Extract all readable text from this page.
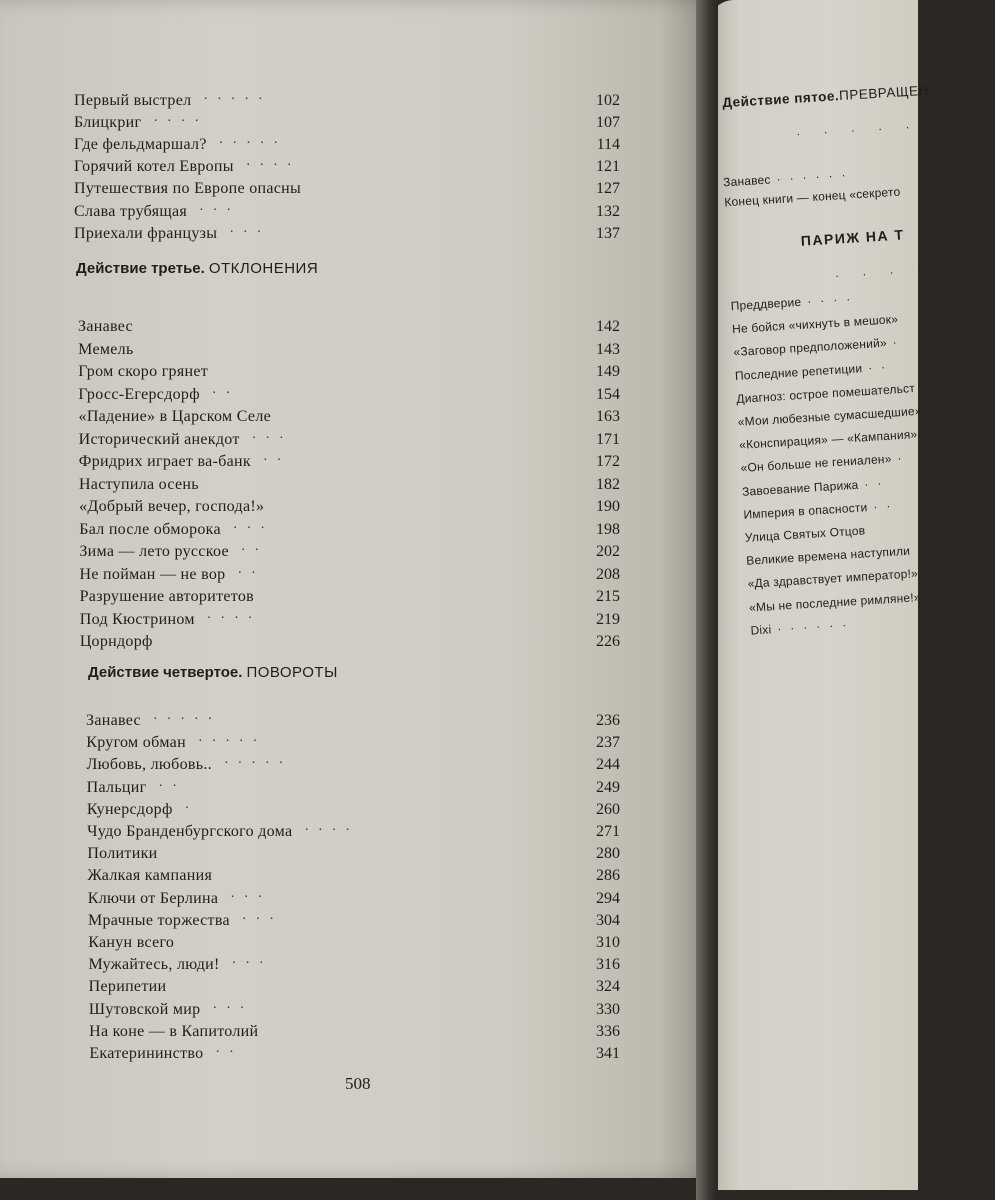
Действие пятое.ПРЕВРАЩЕН
· · · · ·
Занавес ······
Конец книги — конец «секрето
ПАРИЖ НА Т
· · · ·
Преддверие ····
Не бойся «чихнуть в мешок»
«Заговор предположений» ·
Последние репетиции ··
Диагноз: острое помешательст
«Мои любезные сумасшедшие»
«Конспирация» — «Кампания»
«Он больше не гениален» ·
Завоевание Парижа ··
Империя в опасности ··
Улица Святых Отцов
Великие времена наступили
«Да здравствует император!»
«Мы не последние римляне!»
Dixi ······
Действие третье. ОТКЛОНЕНИЯ
Действие четвертое. ПОВОРОТЫ
508
Первый выстрел ·····	102
Блицкриг ····	107
Где фельдмаршал? ·····	114
Горячий котел Европы ····	121
Путешествия по Европе опасны	127
Слава трубящая ···	132
Приехали французы ···	137
Занавес	142
Мемель	143
Гром скоро грянет	149
Гросс-Егерсдорф ··	154
«Падение» в Царском Селе	163
Исторический анекдот ···	171
Фридрих играет ва-банк ··	172
Наступила осень	182
«Добрый вечер, господа!»	190
Бал после обморока ···	198
Зима — лето русское ··	202
Не пойман — не вор ··	208
Разрушение авторитетов	215
Под Кюстрином ····	219
Цорндорф	226
Занавес ·····	236
Кругом обман ·····	237
Любовь, любовь.. ·····	244
Пальциг ··	249
Кунерсдорф ·	260
Чудо Бранденбургского дома ····	271
Политики	280
Жалкая кампания	286
Ключи от Берлина ···	294
Мрачные торжества ···	304
Канун всего	310
Мужайтесь, люди! ···	316
Перипетии	324
Шутовской мир ···	330
На коне — в Капитолий	336
Екатерининство ··	341
